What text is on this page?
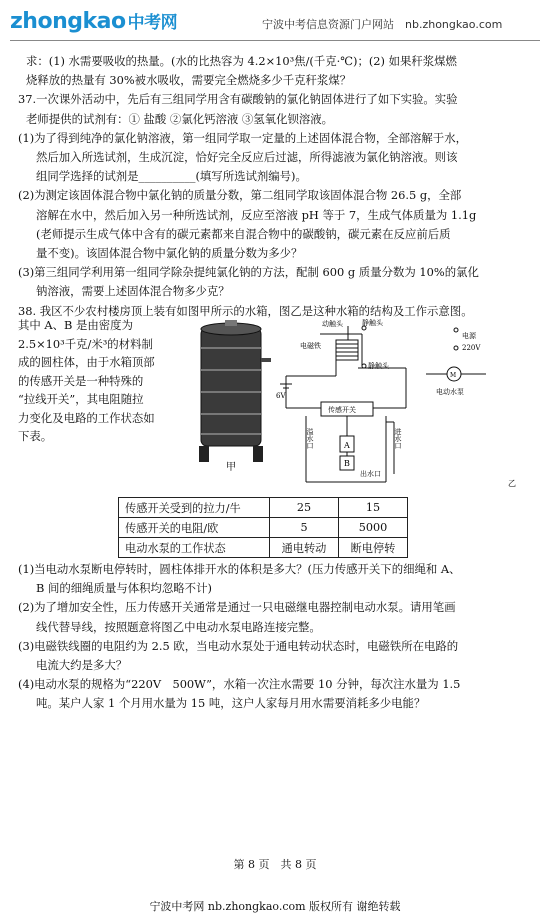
zhongkao 中考网	宁波中考信息资源门户网站　nb.zhongkao.com

求：(1) 水需要吸收的热量。(水的比热容为 4.2×10³焦/(千克·℃)；(2) 如果秆浆煤燃

烧释放的热量有 30%被水吸收，需要完全燃烧多少千克秆浆煤？

37.一次课外活动中，先后有三组同学用含有碳酸钠的氯化钠固体进行了如下实验。实验

老师提供的试剂有：① 盐酸 ②氯化钙溶液 ③氢氧化钡溶液。

(1)为了得到纯净的氯化钠溶液，第一组同学取一定量的上述固体混合物，全部溶解于水，

然后加入所选试剂，生成沉淀，恰好完全反应后过滤，所得滤液为氯化钠溶液。则该

组同学选择的试剂是__________(填写所选试剂编号)。

(2)为测定该固体混合物中氯化钠的质量分数，第二组同学取该固体混合物 26.5 g，全部

溶解在水中，然后加入另一种所选试剂，反应至溶液 pH 等于 7，生成气体质量为 1.1g

(老师提示生成气体中含有的碳元素都来自混合物中的碳酸钠，碳元素在反应前后质

量不变)。该固体混合物中氯化钠的质量分数为多少？

(3)第三组同学利用第一组同学除杂提纯氯化钠的方法，配制 600 g 质量分数为 10%的氯化

钠溶液，需要上述固体混合物多少克？

38. 我区不少农村楼房顶上装有如图甲所示的水箱，图乙是这种水箱的结构及工作示意图。

其中 A、B 是由密度为

2.5×10³千克/米³的材料制

成的圆柱体，由于水箱顶部

的传感开关是一种特殊的

“拉线开关”，其电阻随拉

力变化及电路的工作状态如

下表。

甲
动触头	静触头
静触头
电磁铁
电源
220V
6V
传感开关
M
电动水泵
溢水口	进水口
出水口
A
B
乙
传感开关受到的拉力/牛	25	15
传感开关的电阻/欧	5	5000
电动水泵的工作状态	通电转动	断电停转

(1)当电动水泵断电停转时，圆柱体排开水的体积是多大？(压力传感开关下的细绳和 A、

B 间的细绳质量与体积均忽略不计)

(2)为了增加安全性，压力传感开关通常是通过一只电磁继电器控制电动水泵。请用笔画

线代替导线，按照题意将图乙中电动水泵电路连接完整。

(3)电磁铁线圈的电阻约为 2.5 欧，当电动水泵处于通电转动状态时，电磁铁所在电路的

电流大约是多大？

(4)电动水泵的规格为“220V　500W”，水箱一次注水需要 10 分钟，每次注水量为 1.5

吨。某户人家 1 个月用水量为 15 吨，这户人家每月用水需要消耗多少电能？

第 8 页　共 8 页
宁波中考网 nb.zhongkao.com 版权所有 谢绝转载
